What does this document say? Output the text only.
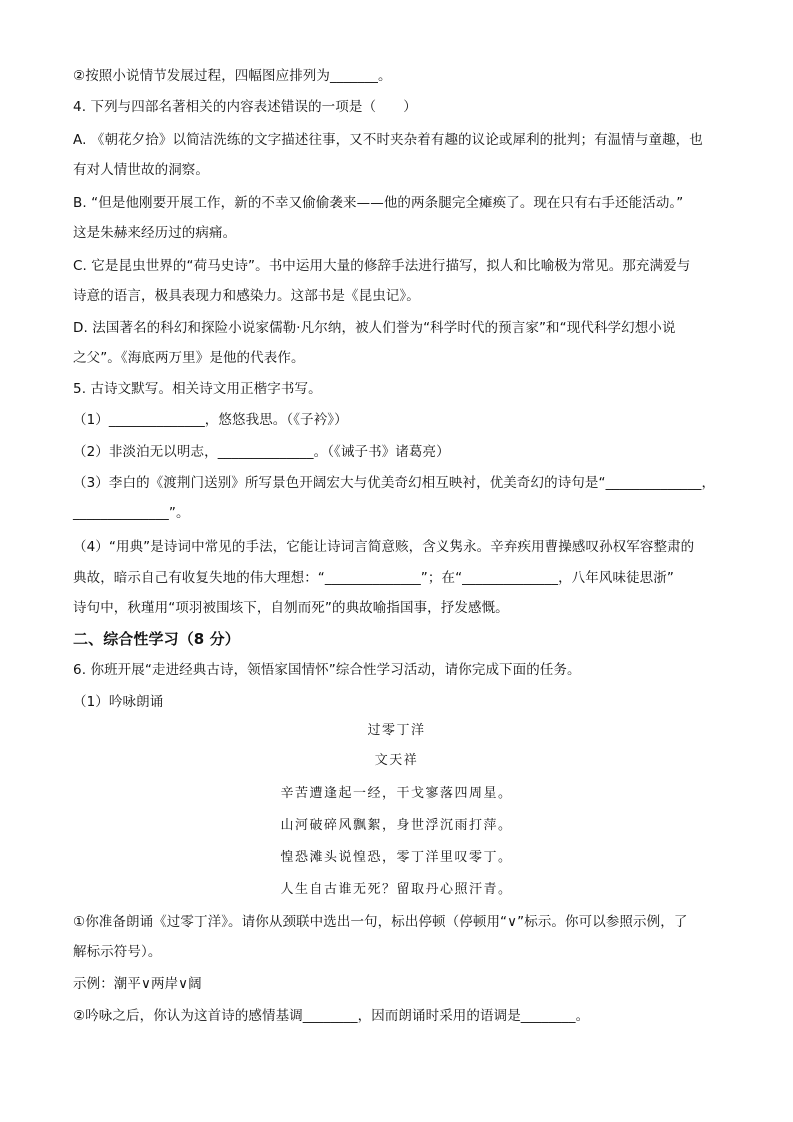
②按照小说情节发展过程，四幅图应排列为_______。
4. 下列与四部名著相关的内容表述错误的一项是（　　）
A. 《朝花夕拾》以简洁洗练的文字描述往事，又不时夹杂着有趣的议论或犀利的批判；有温情与童趣，也
有对人情世故的洞察。
B. “但是他刚要开展工作，新的不幸又偷偷袭来——他的两条腿完全瘫痪了。现在只有右手还能活动。”
这是朱赫来经历过的病痛。
C. 它是昆虫世界的“荷马史诗”。书中运用大量的修辞手法进行描写，拟人和比喻极为常见。那充满爱与
诗意的语言，极具表现力和感染力。这部书是《昆虫记》。
D. 法国著名的科幻和探险小说家儒勒·凡尔纳，被人们誉为“科学时代的预言家”和“现代科学幻想小说
之父”。《海底两万里》是他的代表作。
5. 古诗文默写。相关诗文用正楷字书写。
（1）______________，悠悠我思。（《子衿》）
（2）非淡泊无以明志，______________。（《诫子书》诸葛亮）
（3）李白的《渡荆门送别》所写景色开阔宏大与优美奇幻相互映衬，优美奇幻的诗句是“______________，
______________”。
（4）“用典”是诗词中常见的手法，它能让诗词言简意赅，含义隽永。辛弃疾用曹操感叹孙权军容整肃的
典故，暗示自己有收复失地的伟大理想：“______________”；在“______________，八年风味徒思浙”
诗句中，秋瑾用“项羽被围垓下，自刎而死”的典故喻指国事，抒发感慨。
二、综合性学习（8 分）
6. 你班开展“走进经典古诗，领悟家国情怀”综合性学习活动，请你完成下面的任务。
（1）吟咏朗诵
过零丁洋
文天祥
辛苦遭逢起一经，干戈寥落四周星。
山河破碎风飘絮，身世浮沉雨打萍。
惶恐滩头说惶恐，零丁洋里叹零丁。
人生自古谁无死？留取丹心照汗青。
①你准备朗诵《过零丁洋》。请你从颈联中选出一句，标出停顿（停顿用“∨”标示。你可以参照示例，了
解标示符号）。
示例：潮平∨两岸∨阔
②吟咏之后，你认为这首诗的感情基调________，因而朗诵时采用的语调是________。
